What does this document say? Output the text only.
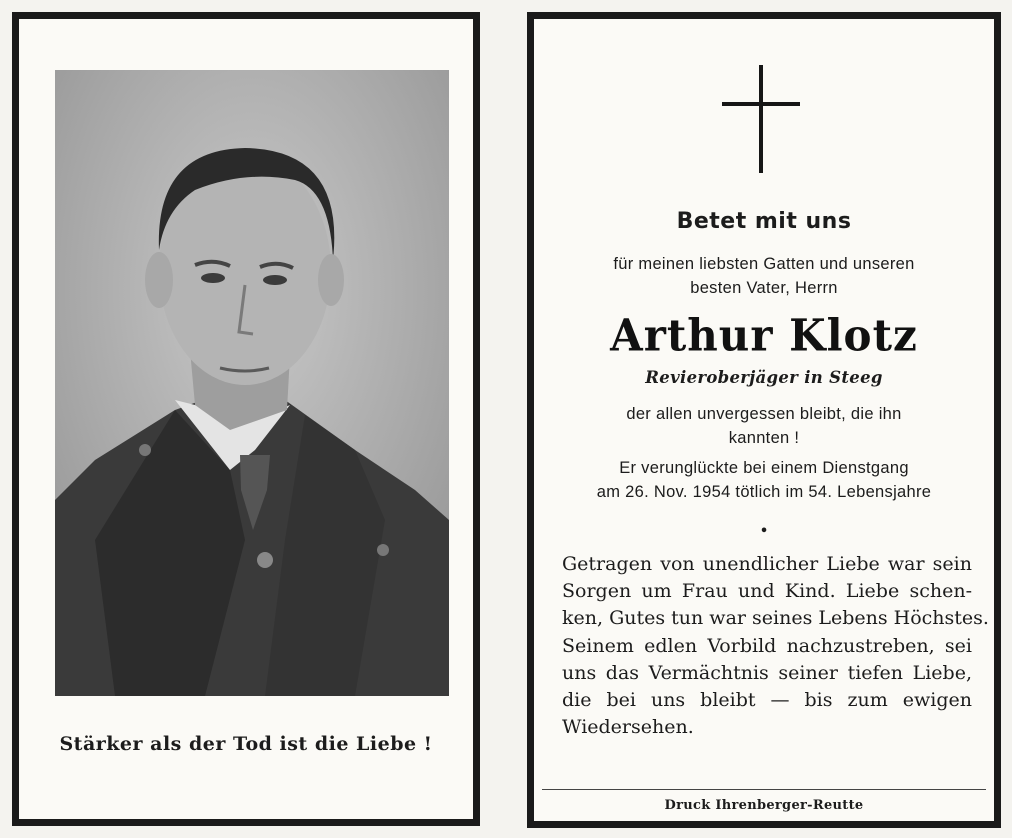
Stärker als der Tod ist die Liebe !
Betet mit uns
für meinen liebsten Gatten und unseren
besten Vater, Herrn
Arthur Klotz
Revieroberjäger in Steeg
der allen unvergessen bleibt, die ihn
kannten !
Er verunglückte bei einem Dienstgang
am 26. Nov. 1954 tötlich im 54. Lebensjahre
•
Getragen von unendlicher Liebe war sein
Sorgen um Frau und Kind. Liebe schen-
ken, Gutes tun war seines Lebens Höchstes.
Seinem edlen Vorbild nachzustreben, sei
uns das Vermächtnis seiner tiefen Liebe,
die bei uns bleibt — bis zum ewigen
Wiedersehen.
Druck Ihrenberger-Reutte
